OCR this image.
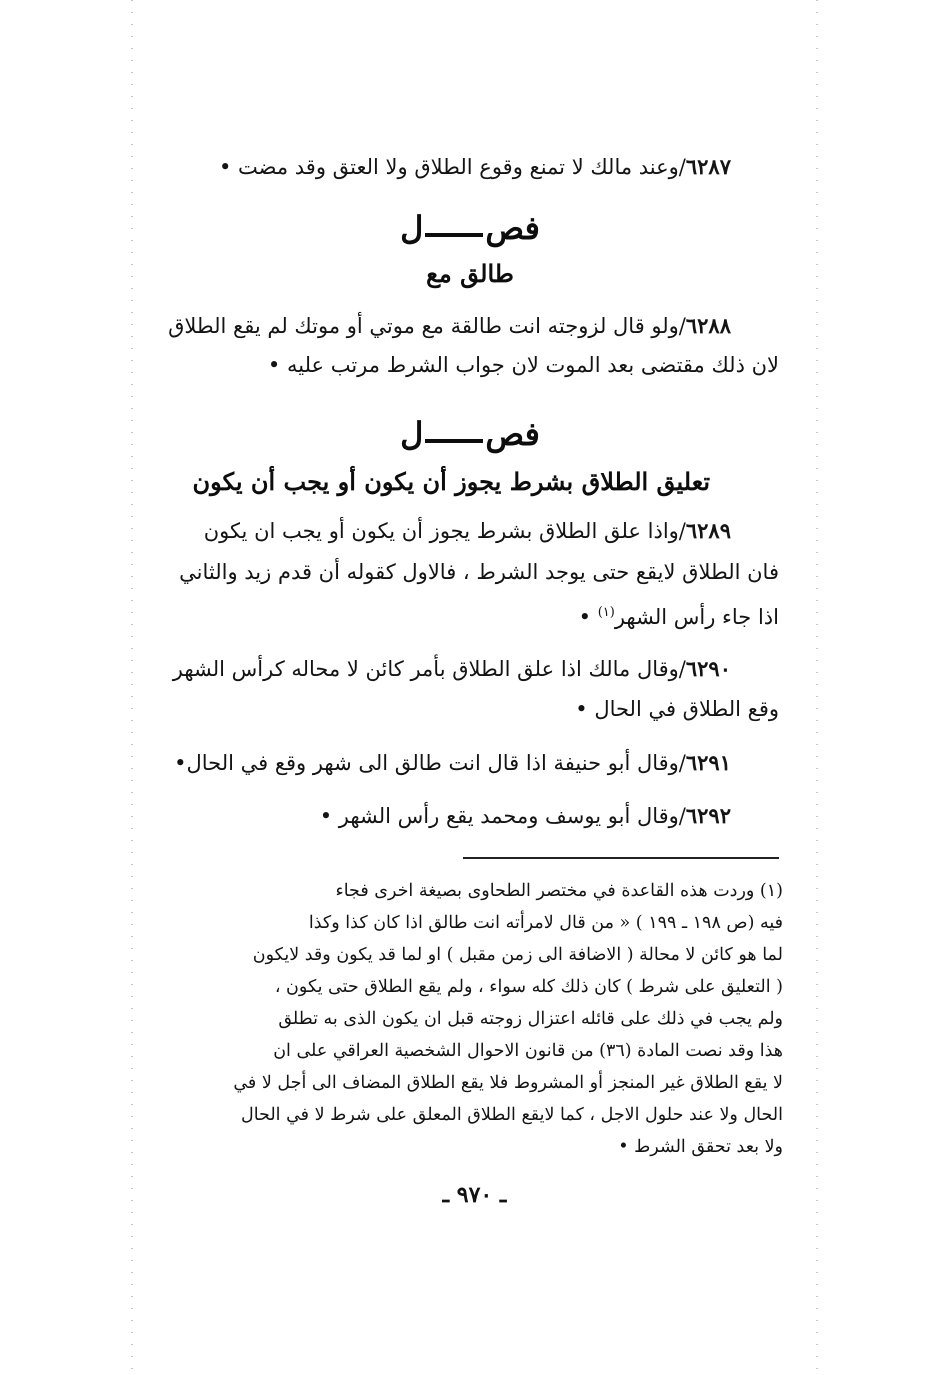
٦٢٨٧/وعند مالك لا تمنع وقوع الطلاق ولا العتق وقد مضت •
فصل
طالق مع
٦٢٨٨/ولو قال لزوجته انت طالقة مع موتي أو موتك لم يقع الطلاق
لان ذلك مقتضى بعد الموت لان جواب الشرط مرتب عليه •
فصل
تعليق الطلاق بشرط يجوز أن يكون أو يجب أن يكون
٦٢٨٩/واذا علق الطلاق بشرط يجوز أن يكون أو يجب ان يكون
فان الطلاق لايقع حتى يوجد الشرط ، فالاول كقوله أن قدم زيد والثاني
اذا جاء رأس الشهر$^{(١)}$ •
٦٢٩٠/وقال مالك اذا علق الطلاق بأمر كائن لا محاله كرأس الشهر
وقع الطلاق في الحال •
٦٢٩١/وقال أبو حنيفة اذا قال انت طالق الى شهر وقع في الحال•
٦٢٩٢/وقال أبو يوسف ومحمد يقع رأس الشهر •
(١) وردت هذه القاعدة في مختصر الطحاوى بصيغة اخرى فجاء
فيه (ص ١٩٨ ـ ١٩٩ ) « من قال لامرأته انت طالق اذا كان كذا وكذا
لما هو كائن لا محالة ( الاضافة الى زمن مقبل ) او لما قد يكون وقد لايكون
( التعليق على شرط ) كان ذلك كله سواء ، ولم يقع الطلاق حتى يكون ،
ولم يجب في ذلك على قائله اعتزال زوجته قبل ان يكون الذى به تطلق
هذا وقد نصت المادة (٣٦) من قانون الاحوال الشخصية العراقي على ان
لا يقع الطلاق غير المنجز أو المشروط فلا يقع الطلاق المضاف الى أجل لا في
الحال ولا عند حلول الاجل ، كما لايقع الطلاق المعلق على شرط لا في الحال
ولا بعد تحقق الشرط •
ـ ٩٧٠ ـ
